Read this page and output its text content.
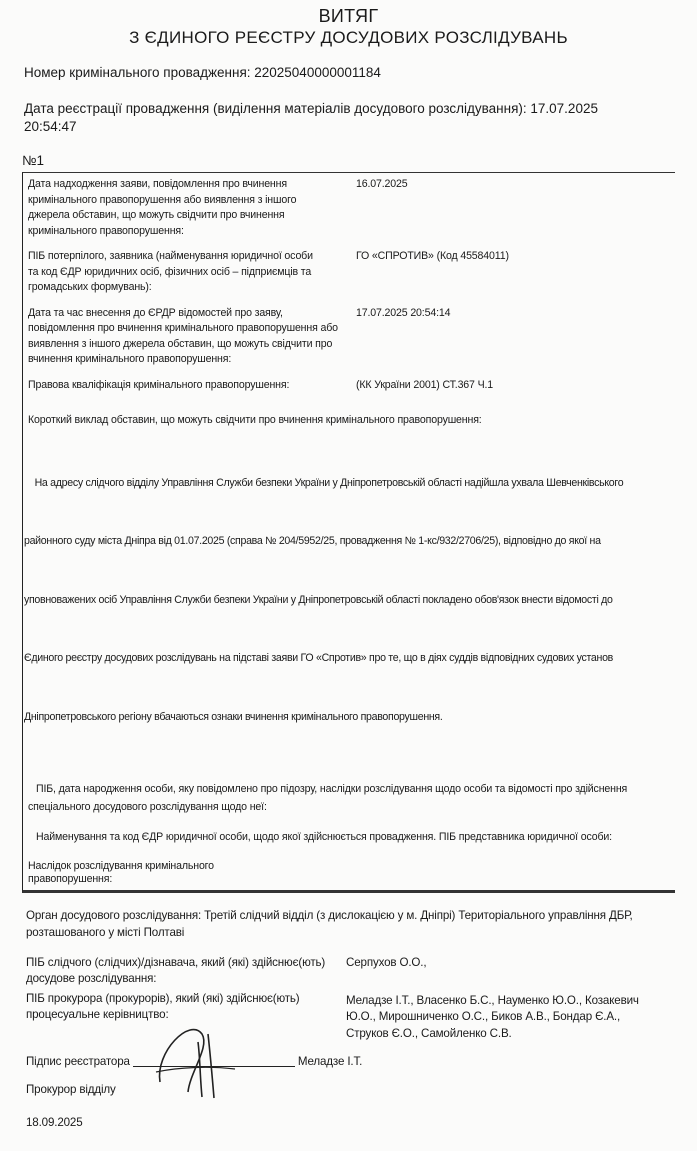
ВИТЯГ
З ЄДИНОГО РЕЄСТРУ ДОСУДОВИХ РОЗСЛІДУВАНЬ
Номер кримінального провадження: 22025040000001184
Дата реєстрації провадження (виділення матеріалів досудового розслідування): 17.07.2025
20:54:47
№1
Дата надходження заяви, повідомлення про вчинення
кримінального правопорушення або виявлення з іншого
джерела обставин, що можуть свідчити про вчинення
кримінального правопорушення:
16.07.2025
ПІБ потерпілого, заявника (найменування юридичної особи
та код ЄДР юридичних осіб, фізичних осіб – підприємців та
громадських формувань):
ГО «СПРОТИВ» (Код 45584011)
Дата та час внесення до ЄРДР відомостей про заяву,
повідомлення про вчинення кримінального правопорушення або
виявлення з іншого джерела обставин, що можуть свідчити про
вчинення кримінального правопорушення:
17.07.2025 20:54:14
Правова кваліфікація кримінального правопорушення:	(КК України 2001) СТ.367 Ч.1
Короткий виклад обставин, що можуть свідчити про вчинення кримінального правопорушення:

На адресу слідчого відділу Управління Служби безпеки України у Дніпропетровській області надійшла ухвала Шевченківського

районного суду міста Дніпра від 01.07.2025 (справа № 204/5952/25, провадження № 1-кс/932/2706/25), відповідно до якої на

уповноважених осіб Управління Служби безпеки України у Дніпропетровській області покладено обов'язок внести відомості до

Єдиного реєстру досудових розслідувань на підставі заяви ГО «Спротив» про те, що в діях суддів відповідних судових установ

Дніпропетровського регіону вбачаються ознаки вчинення кримінального правопорушення.

ПІБ, дата народження особи, яку повідомлено про підозру, наслідки розслідування щодо особи та відомості про здійснення
спеціального досудового розслідування щодо неї:
Найменування та код ЄДР юридичної особи, щодо якої здійснюється провадження. ПІБ представника юридичної особи:
Наслідок розслідування кримінального
правопорушення:
Орган досудового розслідування: Третій слідчий відділ (з дислокацією у м. Дніпрі) Територіального управління ДБР,
розташованого у місті Полтаві
ПІБ слідчого (слідчих)/дізнавача, який (які) здійснює(ють)
досудове розслідування:
Серпухов О.О.,
ПІБ прокурора (прокурорів), який (які) здійснює(ють)
процесуальне керівництво:
Меладзе І.Т., Власенко Б.С., Науменко Ю.О., Козакевич
Ю.О., Мирошниченко О.С., Биков А.В., Бондар Є.А.,
Струков Є.О., Самойленко С.В.
Підпис реєстратора	Меладзе І.Т.
Прокурор відділу
18.09.2025
